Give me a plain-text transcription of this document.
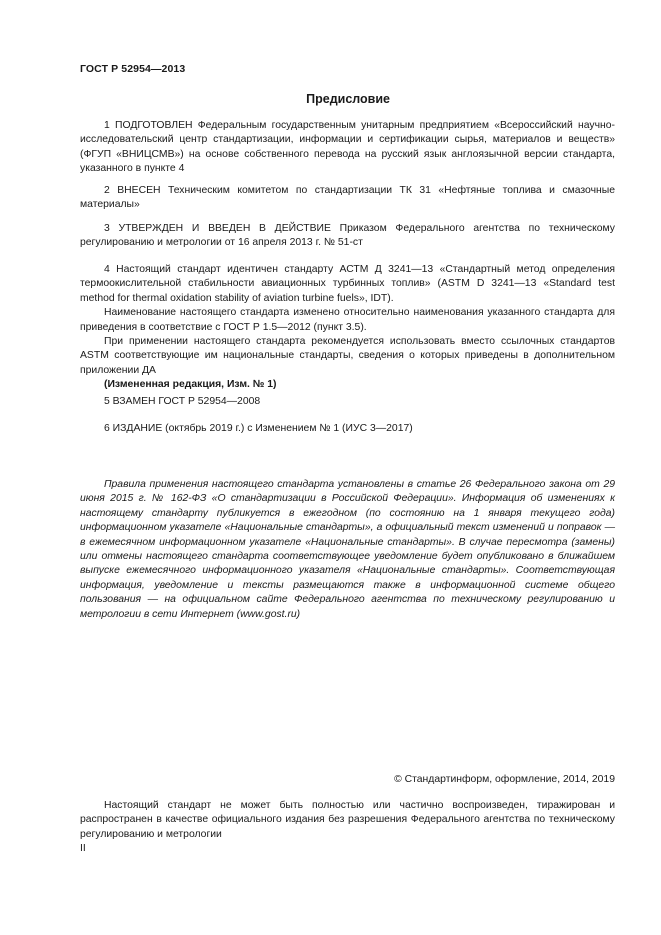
ГОСТ Р 52954—2013
Предисловие

1 ПОДГОТОВЛЕН Федеральным государственным унитарным предприятием «Всероссийский научно-исследовательский центр стандартизации, информации и сертификации сырья, материалов и веществ» (ФГУП «ВНИЦСМВ») на основе собственного перевода на русский язык англоязычной версии стандарта, указанного в пункте 4

2 ВНЕСЕН Техническим комитетом по стандартизации ТК 31 «Нефтяные топлива и смазочные материалы»

3 УТВЕРЖДЕН И ВВЕДЕН В ДЕЙСТВИЕ Приказом Федерального агентства по техническому регулированию и метрологии от 16 апреля 2013 г. № 51-ст

4 Настоящий стандарт идентичен стандарту АСТМ Д 3241—13 «Стандартный метод определения термоокислительной стабильности авиационных турбинных топлив» (ASTM D 3241—13 «Standard test method for thermal oxidation stability of aviation turbine fuels», IDT).

Наименование настоящего стандарта изменено относительно наименования указанного стандарта для приведения в соответствие с ГОСТ Р 1.5—2012 (пункт 3.5).

При применении настоящего стандарта рекомендуется использовать вместо ссылочных стандартов ASTM соответствующие им национальные стандарты, сведения о которых приведены в дополнительном приложении ДА

(Измененная редакция, Изм. № 1)

5 ВЗАМЕН ГОСТ Р 52954—2008

6 ИЗДАНИЕ (октябрь 2019 г.) с Изменением № 1 (ИУС 3—2017)

Правила применения настоящего стандарта установлены в статье 26 Федерального закона от 29 июня 2015 г. № 162-ФЗ «О стандартизации в Российской Федерации». Информация об изменениях к настоящему стандарту публикуется в ежегодном (по состоянию на 1 января текущего года) информационном указателе «Национальные стандарты», а официальный текст изменений и поправок — в ежемесячном информационном указателе «Национальные стандарты». В случае пересмотра (замены) или отмены настоящего стандарта соответствующее уведомление будет опубликовано в ближайшем выпуске ежемесячного информационного указателя «Национальные стандарты». Соответствующая информация, уведомление и тексты размещаются также в информационной системе общего пользования — на официальном сайте Федерального агентства по техническому регулированию и метрологии в сети Интернет (www.gost.ru)

© Стандартинформ, оформление, 2014, 2019

Настоящий стандарт не может быть полностью или частично воспроизведен, тиражирован и распространен в качестве официального издания без разрешения Федерального агентства по техническому регулированию и метрологии

II
